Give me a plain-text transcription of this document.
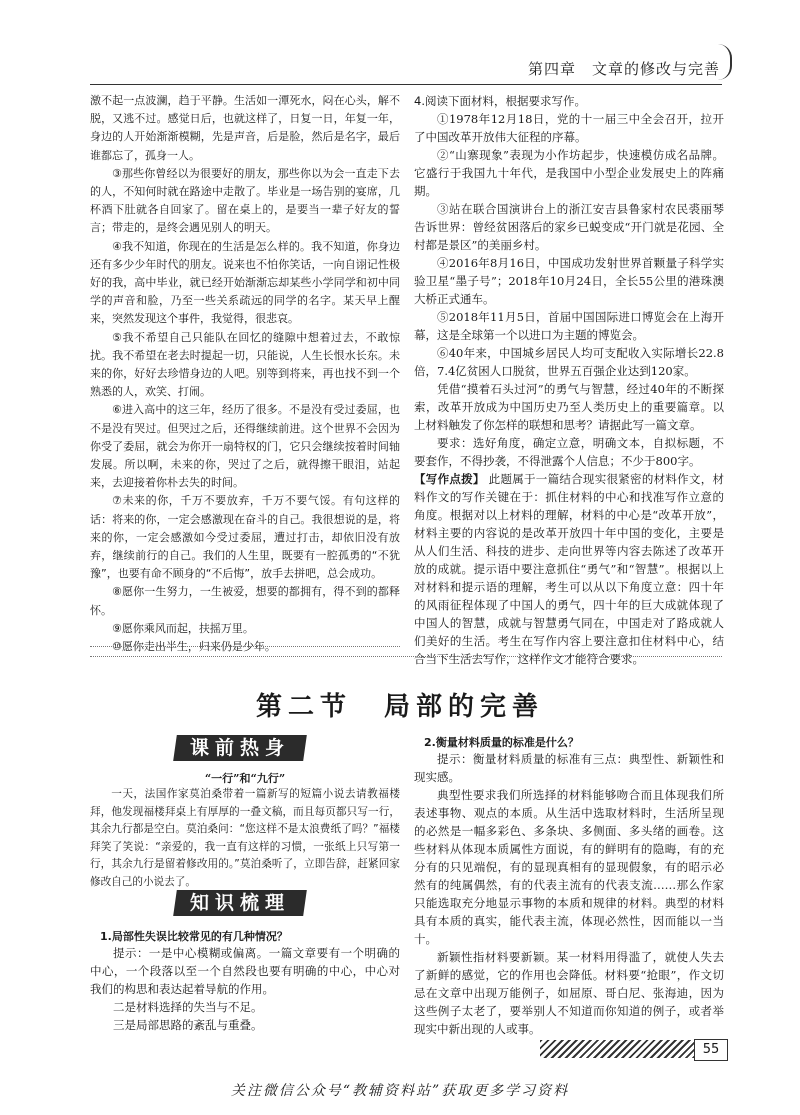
第四章　文章的修改与完善

激不起一点波澜，趋于平静。生活如一潭死水，闷在心头，解不脱，又逃不过。感觉日后，也就这样了，日复一日，年复一年，身边的人开始渐渐模糊，先是声音，后是脸，然后是名字，最后谁都忘了，孤身一人。

③那些你曾经以为很要好的朋友，那些你以为会一直走下去的人，不知何时就在路途中走散了。毕业是一场告别的宴席，几杯酒下肚就各自回家了。留在桌上的，是要当一辈子好友的誓言；带走的，是终会遇见别人的明天。

④我不知道，你现在的生活是怎么样的。我不知道，你身边还有多少少年时代的朋友。说来也不怕你笑话，一向自诩记性极好的我，高中毕业，就已经开始渐渐忘却某些小学同学和初中同学的声音和脸，乃至一些关系疏远的同学的名字。某天早上醒来，突然发现这个事件，我觉得，很悲哀。

⑤我不希望自己只能队在回忆的缝隙中想着过去，不敢惊扰。我不希望在老去时提起一切，只能说，人生长恨水长东。未来的你，好好去珍惜身边的人吧。别等到将来，再也找不到一个熟悉的人，欢笑、打闹。

⑥进入高中的这三年，经历了很多。不是没有受过委屈，也不是没有哭过。但哭过之后，还得继续前进。这个世界不会因为你受了委屈，就会为你开一扇特权的门，它只会继续按着时间轴发展。所以啊，未来的你，哭过了之后，就得擦干眼泪，站起来，去迎接着你朴去失的时间。

⑦未来的你，千万不要放弃，千万不要气馁。有句这样的话：将来的你，一定会感激现在奋斗的自己。我很想说的是，将来的你，一定会感激如今受过委屈，遭过打击，却依旧没有放弃，继续前行的自己。我们的人生里，既要有一腔孤勇的“不犹豫”，也要有命不顾身的“不后悔”，放手去拼吧，总会成功。

⑧愿你一生努力，一生被爱，想要的都拥有，得不到的都释怀。

⑨愿你乘风而起，扶摇万里。

⑩愿你走出半生，归来仍是少年。

4.阅读下面材料，根据要求写作。

①1978年12月18日，党的十一届三中全会召开，拉开了中国改革开放伟大征程的序幕。

②“山寨现象”表现为小作坊起步，快速模仿成名品牌。它盛行于我国九十年代，是我国中小型企业发展史上的阵痛期。

③站在联合国演讲台上的浙江安吉县鲁家村农民裘丽琴告诉世界：曾经贫困落后的家乡已蜕变成“开门就是花园、全村都是景区”的美丽乡村。

④2016年8月16日，中国成功发射世界首颗量子科学实验卫星“墨子号”；2018年10月24日，全长55公里的港珠澳大桥正式通车。

⑤2018年11月5日，首届中国国际进口博览会在上海开幕，这是全球第一个以进口为主题的博览会。

⑥40年来，中国城乡居民人均可支配收入实际增长22.8倍，7.4亿贫困人口脱贫，世界五百强企业达到120家。

凭借“摸着石头过河”的勇气与智慧，经过40年的不断探索，改革开放成为中国历史乃至人类历史上的重要篇章。以上材料触发了你怎样的联想和思考？请据此写一篇文章。

要求：选好角度，确定立意，明确文本，自拟标题，不要套作，不得抄袭，不得泄露个人信息；不少于800字。

【写作点拨】 此题属于一篇结合现实很紧密的材料作文，材料作文的写作关键在于：抓住材料的中心和找准写作立意的角度。根据对以上材料的理解，材料的中心是“改革开放”，材料主要的内容说的是改革开放四十年中国的变化，主要是从人们生活、科技的进步、走向世界等内容去陈述了改革开放的成就。提示语中要注意抓住“勇气”和“智慧”。根据以上对材料和提示语的理解，考生可以从以下角度立意：四十年的风雨征程体现了中国人的勇气，四十年的巨大成就体现了中国人的智慧，成就与智慧勇气同在，中国走对了路成就人们美好的生活。考生在写作内容上要注意扣住材料中心，结合当下生活去写作，这样作文才能符合要求。

第二节　局部的完善
课前热身
“一行”和“九行”

一天，法国作家莫泊桑带着一篇新写的短篇小说去请教福楼拜，他发现福楼拜桌上有厚厚的一叠文稿，而且每页都只写一行，其余九行都是空白。莫泊桑问：“您这样不是太浪费纸了吗？”福楼拜笑了笑说：“亲爱的，我一直有这样的习惯，一张纸上只写第一行，其余九行是留着修改用的。”莫泊桑听了，立即告辞，赶紧回家修改自己的小说去了。

知识梳理
1.局部性失误比较常见的有几种情况？

提示：一是中心模糊或偏离。一篇文章要有一个明确的中心，一个段落以至一个自然段也要有明确的中心，中心对我们的构思和表达起着导航的作用。

二是材料选择的失当与不足。

三是局部思路的紊乱与重叠。

2.衡量材料质量的标准是什么？

提示：衡量材料质量的标准有三点：典型性、新颖性和现实感。

典型性要求我们所选择的材料能够吻合而且体现我们所表述事物、观点的本质。从生活中选取材料时，生活所呈现的必然是一幅多彩色、多条块、多侧面、多头绪的画卷。这些材料从体现本质属性方面说，有的鲜明有的隐晦，有的充分有的只见端倪，有的显现真相有的显现假象，有的昭示必然有的纯属偶然，有的代表主流有的代表支流……那么作家只能选取充分地显示事物的本质和规律的材料。典型的材料具有本质的真实，能代表主流，体现必然性，因而能以一当十。

新颖性指材料要新颖。某一材料用得滥了，就使人失去了新鲜的感觉，它的作用也会降低。材料要“抢眼”，作文切忌在文章中出现万能例子，如屈原、哥白尼、张海迪，因为这些例子太老了，要举别人不知道而你知道的例子，或者举现实中新出现的人或事。

55
关注微信公众号“教辅资料站”获取更多学习资料
